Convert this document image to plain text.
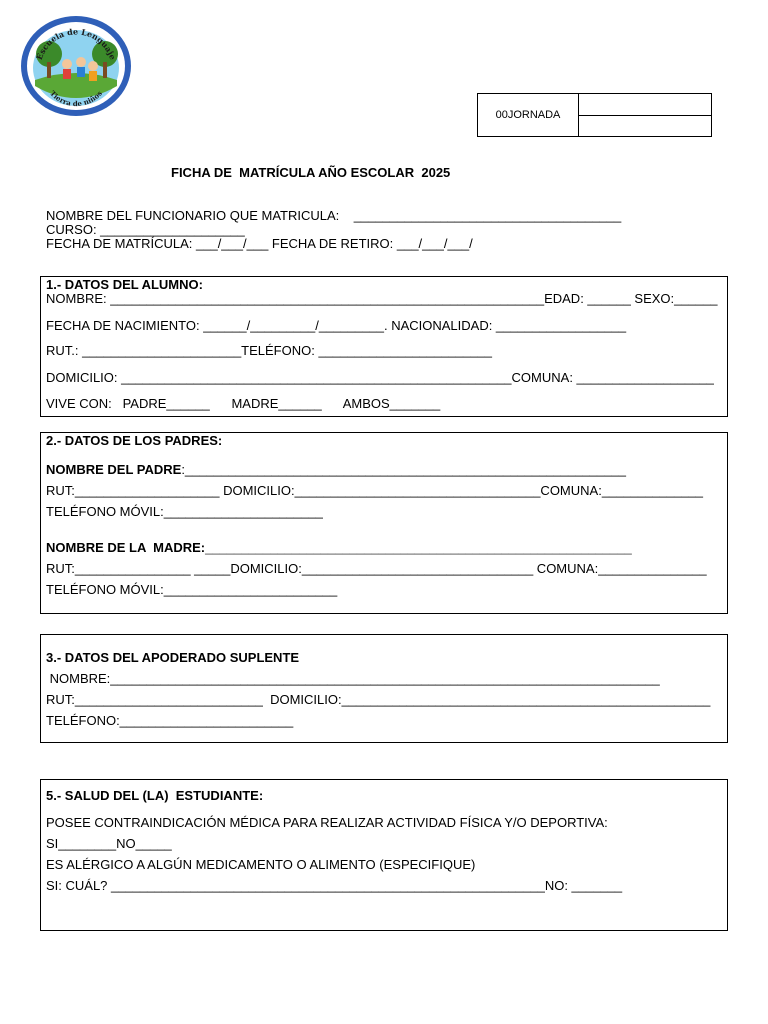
Escuela de Lenguaje
Tierra de niños
00JORNADA
FICHA DE  MATRÍCULA AÑO ESCOLAR  2025
NOMBRE DEL FUNCIONARIO QUE MATRICULA:    _____________________________________
CURSO: ____________________
FECHA DE MATRÍCULA: ___/___/___ FECHA DE RETIRO: ___/___/___/
1.- DATOS DEL ALUMNO:
NOMBRE: ____________________________________________________________EDAD: ______ SEXO:______
FECHA DE NACIMIENTO: ______/_________/_________. NACIONALIDAD: __________________
RUT.: ______________________TELÉFONO: ________________________
DOMICILIO: ______________________________________________________COMUNA: ___________________
VIVE CON:   PADRE______      MADRE______      AMBOS_______
2.- DATOS DE LOS PADRES:
NOMBRE DEL PADRE:_____________________________________________________________
RUT:____________________ DOMICILIO:__________________________________COMUNA:______________
TELÉFONO MÓVIL:______________________
NOMBRE DE LA  MADRE:___________________________________________________________
RUT:________________ _____DOMICILIO:________________________________ COMUNA:_______________
TELÉFONO MÓVIL:________________________
3.- DATOS DEL APODERADO SUPLENTE
NOMBRE:____________________________________________________________________________
RUT:__________________________  DOMICILIO:___________________________________________________
TELÉFONO:________________________
5.- SALUD DEL (LA)  ESTUDIANTE:
POSEE CONTRAINDICACIÓN MÉDICA PARA REALIZAR ACTIVIDAD FÍSICA Y/O DEPORTIVA:
SI________NO_____
ES ALÉRGICO A ALGÚN MEDICAMENTO O ALIMENTO (ESPECIFIQUE)
SI: CUÁL? ____________________________________________________________NO: _______
